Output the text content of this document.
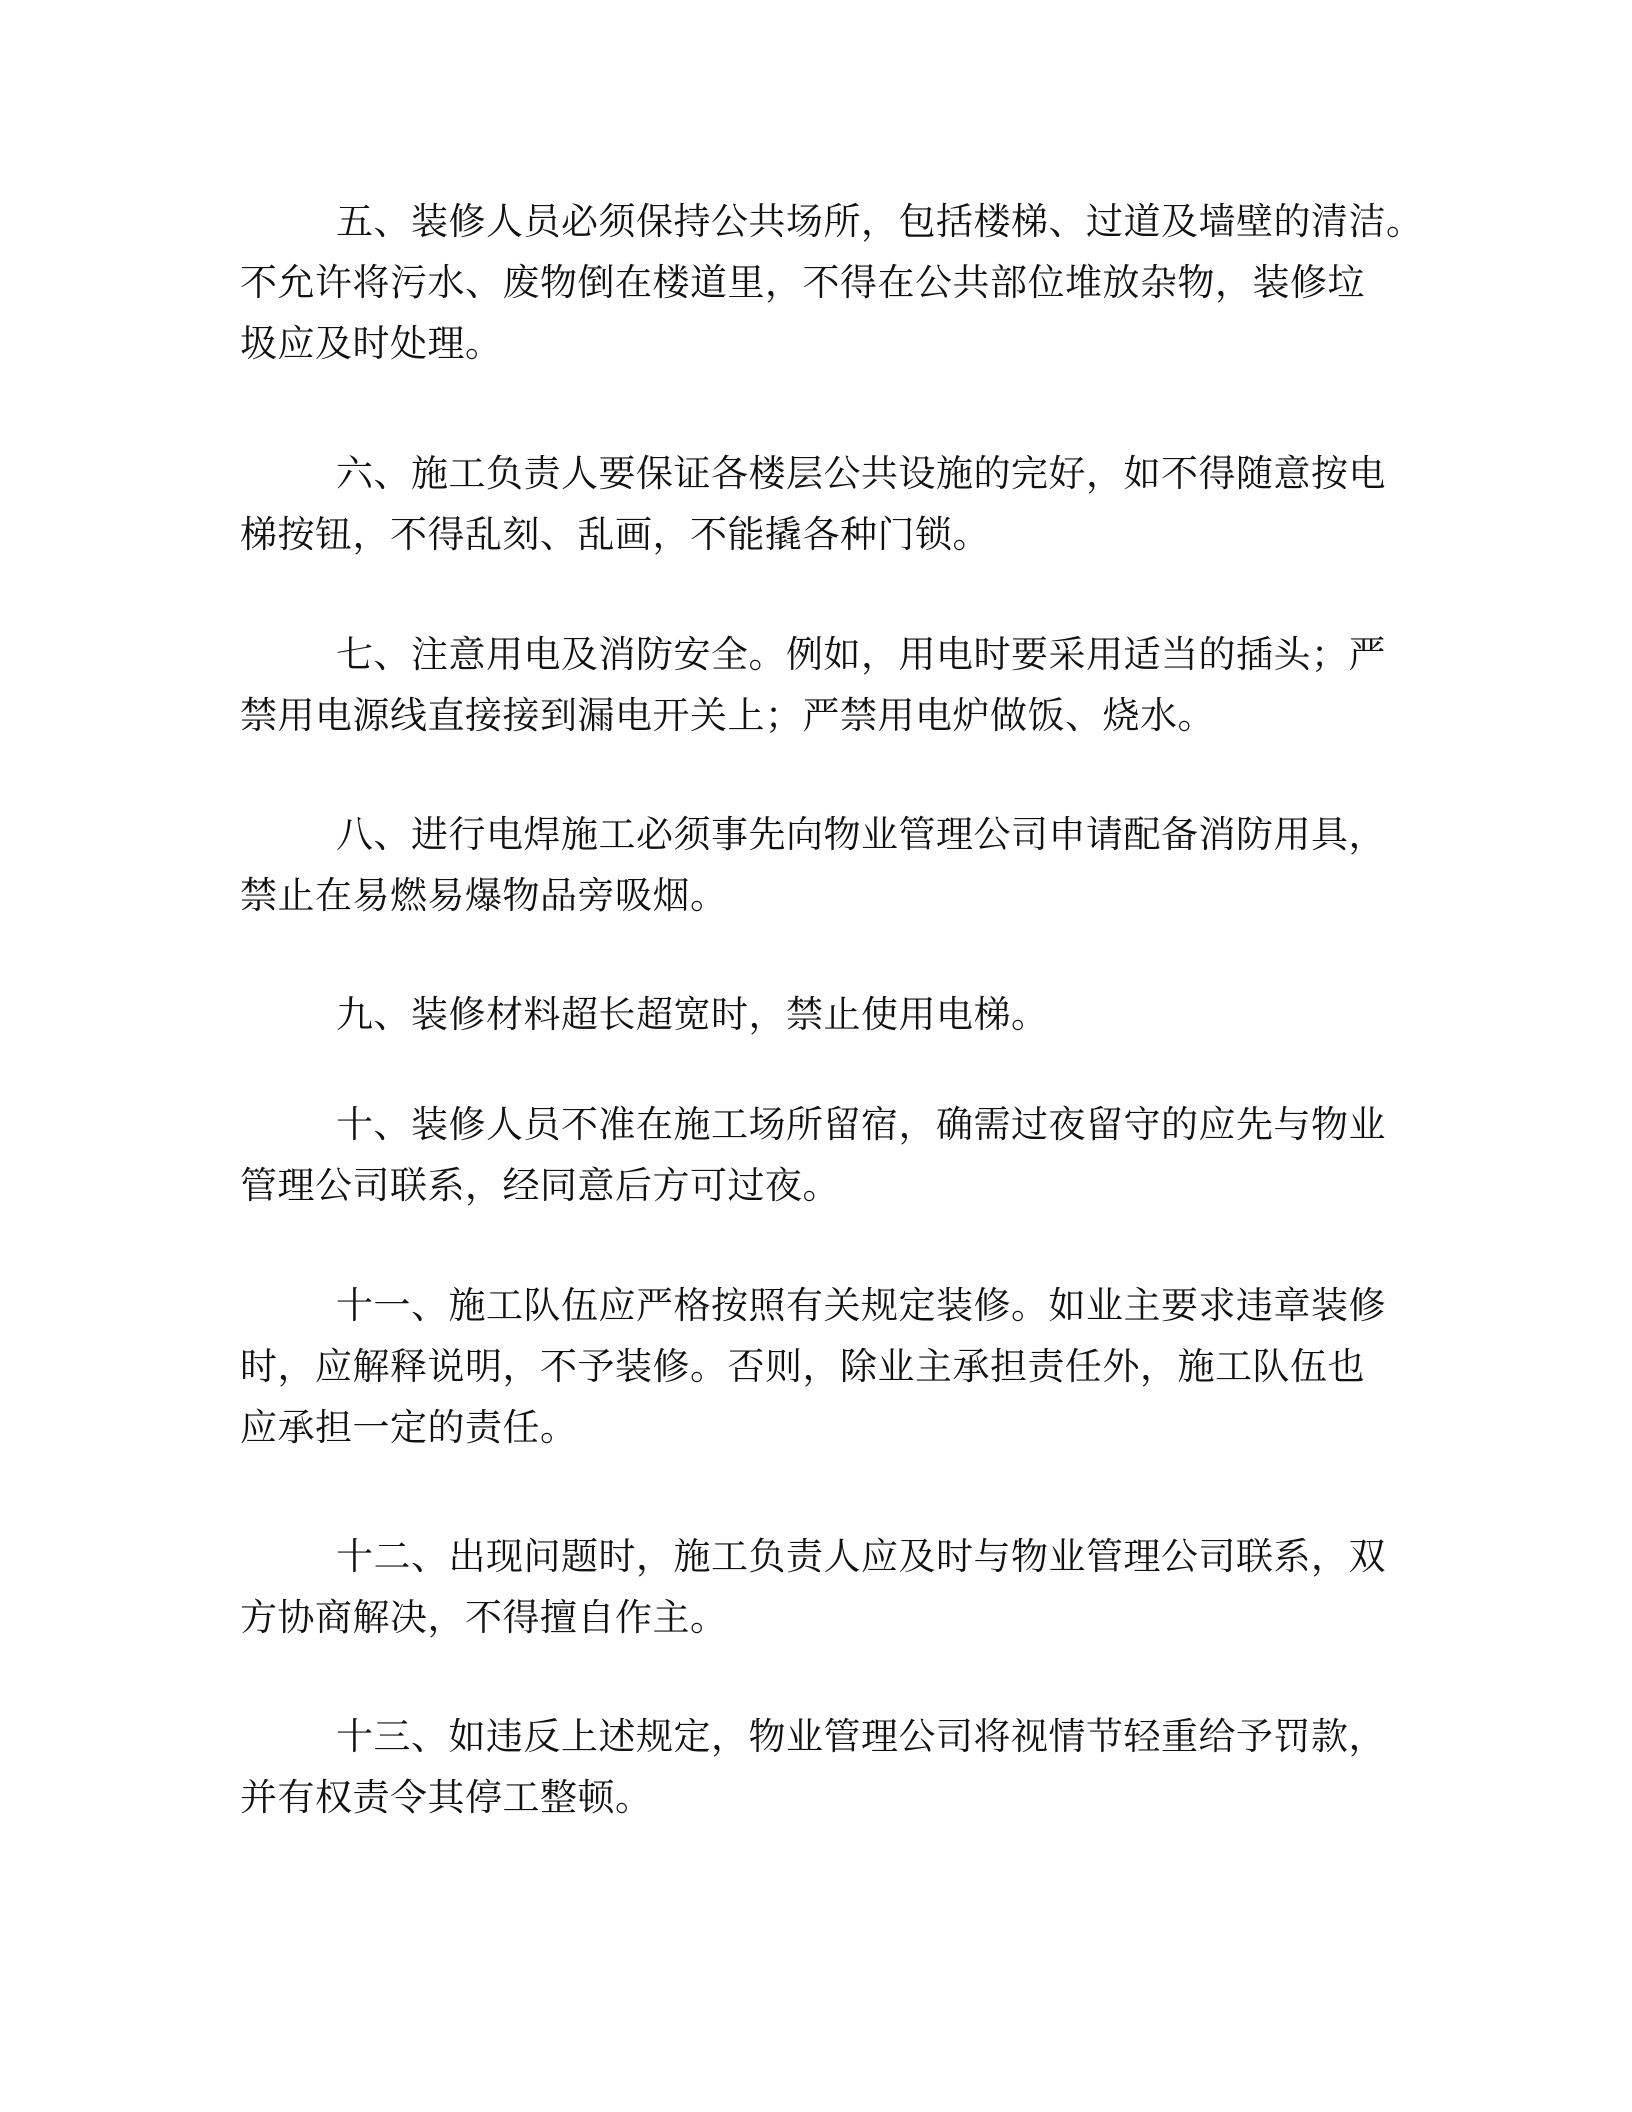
五、装修人员必须保持公共场所，包括楼梯、过道及墙壁的清洁。
不允许将污水、废物倒在楼道里，不得在公共部位堆放杂物，装修垃
圾应及时处理。

六、施工负责人要保证各楼层公共设施的完好，如不得随意按电
梯按钮，不得乱刻、乱画，不能撬各种门锁。

七、注意用电及消防安全。例如，用电时要采用适当的插头；严
禁用电源线直接接到漏电开关上；严禁用电炉做饭、烧水。

八、进行电焊施工必须事先向物业管理公司申请配备消防用具，
禁止在易燃易爆物品旁吸烟。

九、装修材料超长超宽时，禁止使用电梯。

十、装修人员不准在施工场所留宿，确需过夜留守的应先与物业
管理公司联系，经同意后方可过夜。

十一、施工队伍应严格按照有关规定装修。如业主要求违章装修
时，应解释说明，不予装修。否则，除业主承担责任外，施工队伍也
应承担一定的责任。

十二、出现问题时，施工负责人应及时与物业管理公司联系，双
方协商解决，不得擅自作主。

十三、如违反上述规定，物业管理公司将视情节轻重给予罚款，
并有权责令其停工整顿。
